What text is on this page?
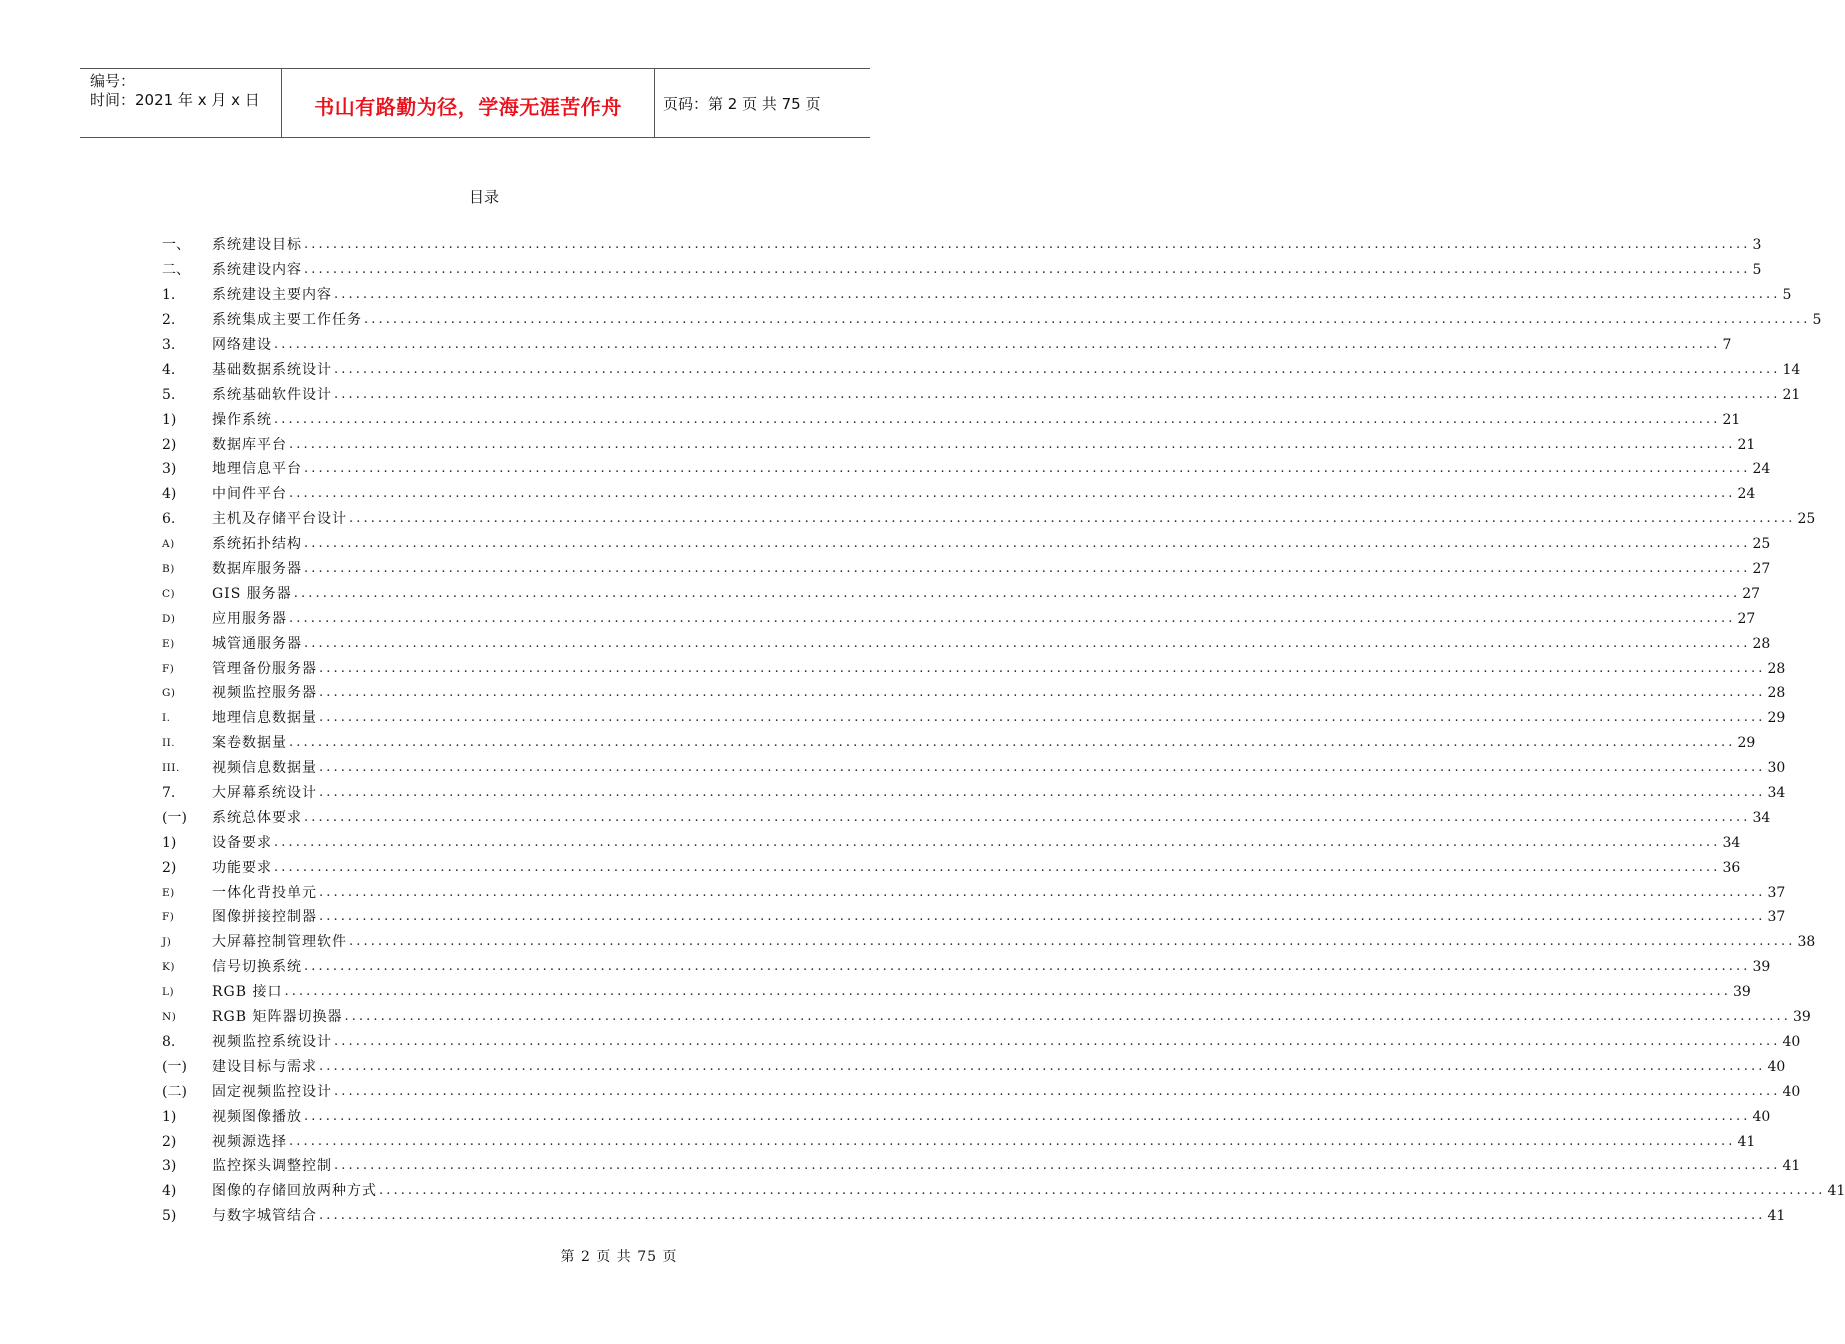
编号：
时间：2021 年 x 月 x 日	书山有路勤为径，学海无涯苦作舟	页码：第 2 页 共 75 页
目录
一、	系统建设目标 ........................................................................................................................................................................................................ 3
二、	系统建设内容 ........................................................................................................................................................................................................ 5
1.	系统建设主要内容 ........................................................................................................................................................................................................ 5
2.	系统集成主要工作任务 ........................................................................................................................................................................................................ 5
3.	网络建设 ........................................................................................................................................................................................................ 7
4.	基础数据系统设计 ........................................................................................................................................................................................................ 14
5.	系统基础软件设计 ........................................................................................................................................................................................................ 21
1)	操作系统 ........................................................................................................................................................................................................ 21
2)	数据库平台 ........................................................................................................................................................................................................ 21
3)	地理信息平台 ........................................................................................................................................................................................................ 24
4)	中间件平台 ........................................................................................................................................................................................................ 24
6.	主机及存储平台设计 ........................................................................................................................................................................................................ 25
A)	系统拓扑结构 ........................................................................................................................................................................................................ 25
B)	数据库服务器 ........................................................................................................................................................................................................ 27
C)	GIS 服务器 ........................................................................................................................................................................................................ 27
D)	应用服务器 ........................................................................................................................................................................................................ 27
E)	城管通服务器 ........................................................................................................................................................................................................ 28
F)	管理备份服务器 ........................................................................................................................................................................................................ 28
G)	视频监控服务器 ........................................................................................................................................................................................................ 28
I.	地理信息数据量 ........................................................................................................................................................................................................ 29
II.	案卷数据量 ........................................................................................................................................................................................................ 29
III.	视频信息数据量 ........................................................................................................................................................................................................ 30
7.	大屏幕系统设计 ........................................................................................................................................................................................................ 34
(一)	系统总体要求 ........................................................................................................................................................................................................ 34
1)	设备要求 ........................................................................................................................................................................................................ 34
2)	功能要求 ........................................................................................................................................................................................................ 36
E)	一体化背投单元 ........................................................................................................................................................................................................ 37
F)	图像拼接控制器 ........................................................................................................................................................................................................ 37
J)	大屏幕控制管理软件 ........................................................................................................................................................................................................ 38
K)	信号切换系统 ........................................................................................................................................................................................................ 39
L)	RGB 接口 ........................................................................................................................................................................................................ 39
N)	RGB 矩阵器切换器 ........................................................................................................................................................................................................ 39
8.	视频监控系统设计 ........................................................................................................................................................................................................ 40
(一)	建设目标与需求 ........................................................................................................................................................................................................ 40
(二)	固定视频监控设计 ........................................................................................................................................................................................................ 40
1)	视频图像播放 ........................................................................................................................................................................................................ 40
2)	视频源选择 ........................................................................................................................................................................................................ 41
3)	监控探头调整控制 ........................................................................................................................................................................................................ 41
4)	图像的存储回放两种方式 ........................................................................................................................................................................................................ 41
5)	与数字城管结合 ........................................................................................................................................................................................................ 41
第 2 页 共 75 页
